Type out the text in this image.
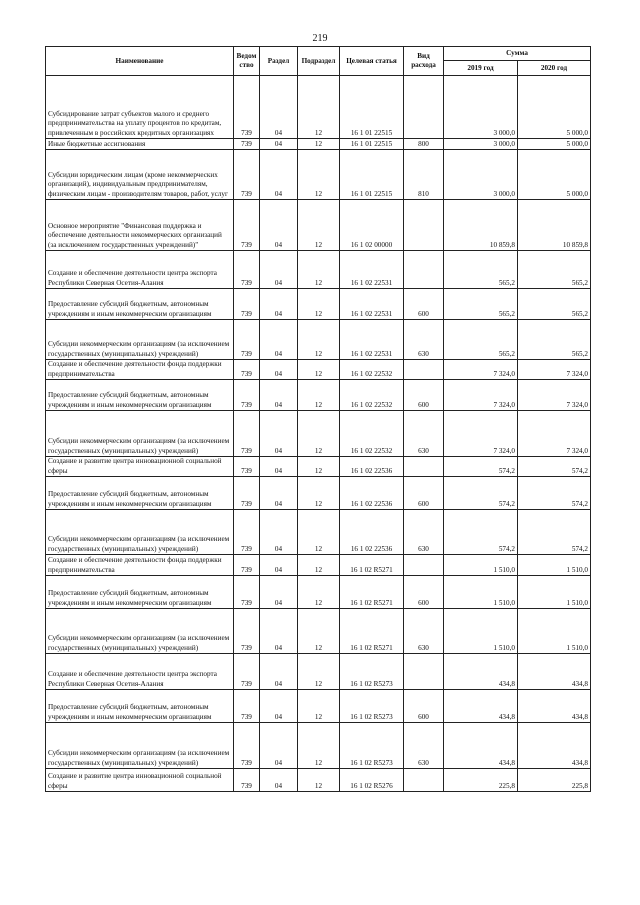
219
Наименование	Ведом ство	Раздел	Подраздел	Целевая статья	Вид расхода	Сумма	
						2019 год	2020 год
Субсидирование затрат субъектов малого и среднего предпринимательства на уплату процентов по кредитам, привлеченным в российских кредитных организациях	739	04	12	16 1 01 22515		3 000,0	5 000,0
Иные бюджетные ассигнования	739	04	12	16 1 01 22515	800	3 000,0	5 000,0
Субсидии юридическим лицам (кроме некоммерческих организаций), индивидуальным предпринимателям, физическим лицам - производителям товаров, работ, услуг	739	04	12	16 1 01 22515	810	3 000,0	5 000,0
Основное мероприятие "Финансовая поддержка и обеспечение деятельности некоммерческих организаций (за исключением государственных учреждений)"	739	04	12	16 1 02 00000		10 859,8	10 859,8
Создание и обеспечение деятельности центра экспорта Республики Северная Осетия-Алания	739	04	12	16 1 02 22531		565,2	565,2
Предоставление субсидий бюджетным, автономным учреждениям и иным некоммерческим организациям	739	04	12	16 1 02 22531	600	565,2	565,2
Субсидии некоммерческим организациям (за исключением государственных (муниципальных) учреждений)	739	04	12	16 1 02 22531	630	565,2	565,2
Создание и обеспечение деятельности фонда поддержки предпринимательства	739	04	12	16 1 02 22532		7 324,0	7 324,0
Предоставление субсидий бюджетным, автономным учреждениям и иным некоммерческим организациям	739	04	12	16 1 02 22532	600	7 324,0	7 324,0
Субсидии некоммерческим организациям (за исключением государственных (муниципальных) учреждений)	739	04	12	16 1 02 22532	630	7 324,0	7 324,0
Создание и развитие центра инновационной социальной сферы	739	04	12	16 1 02 22536		574,2	574,2
Предоставление субсидий бюджетным, автономным учреждениям и иным некоммерческим организациям	739	04	12	16 1 02 22536	600	574,2	574,2
Субсидии некоммерческим организациям (за исключением государственных (муниципальных) учреждений)	739	04	12	16 1 02 22536	630	574,2	574,2
Создание и обеспечение деятельности фонда поддержки предпринимательства	739	04	12	16 1 02 R5271		1 510,0	1 510,0
Предоставление субсидий бюджетным, автономным учреждениям и иным некоммерческим организациям	739	04	12	16 1 02 R5271	600	1 510,0	1 510,0
Субсидии некоммерческим организациям (за исключением государственных (муниципальных) учреждений)	739	04	12	16 1 02 R5271	630	1 510,0	1 510,0
Создание и обеспечение деятельности центра экспорта Республики Северная Осетия-Алания	739	04	12	16 1 02 R5273		434,8	434,8
Предоставление субсидий бюджетным, автономным учреждениям и иным некоммерческим организациям	739	04	12	16 1 02 R5273	600	434,8	434,8
Субсидии некоммерческим организациям (за исключением государственных (муниципальных) учреждений)	739	04	12	16 1 02 R5273	630	434,8	434,8
Создание и развитие центра инновационной социальной сферы	739	04	12	16 1 02 R5276		225,8	225,8
